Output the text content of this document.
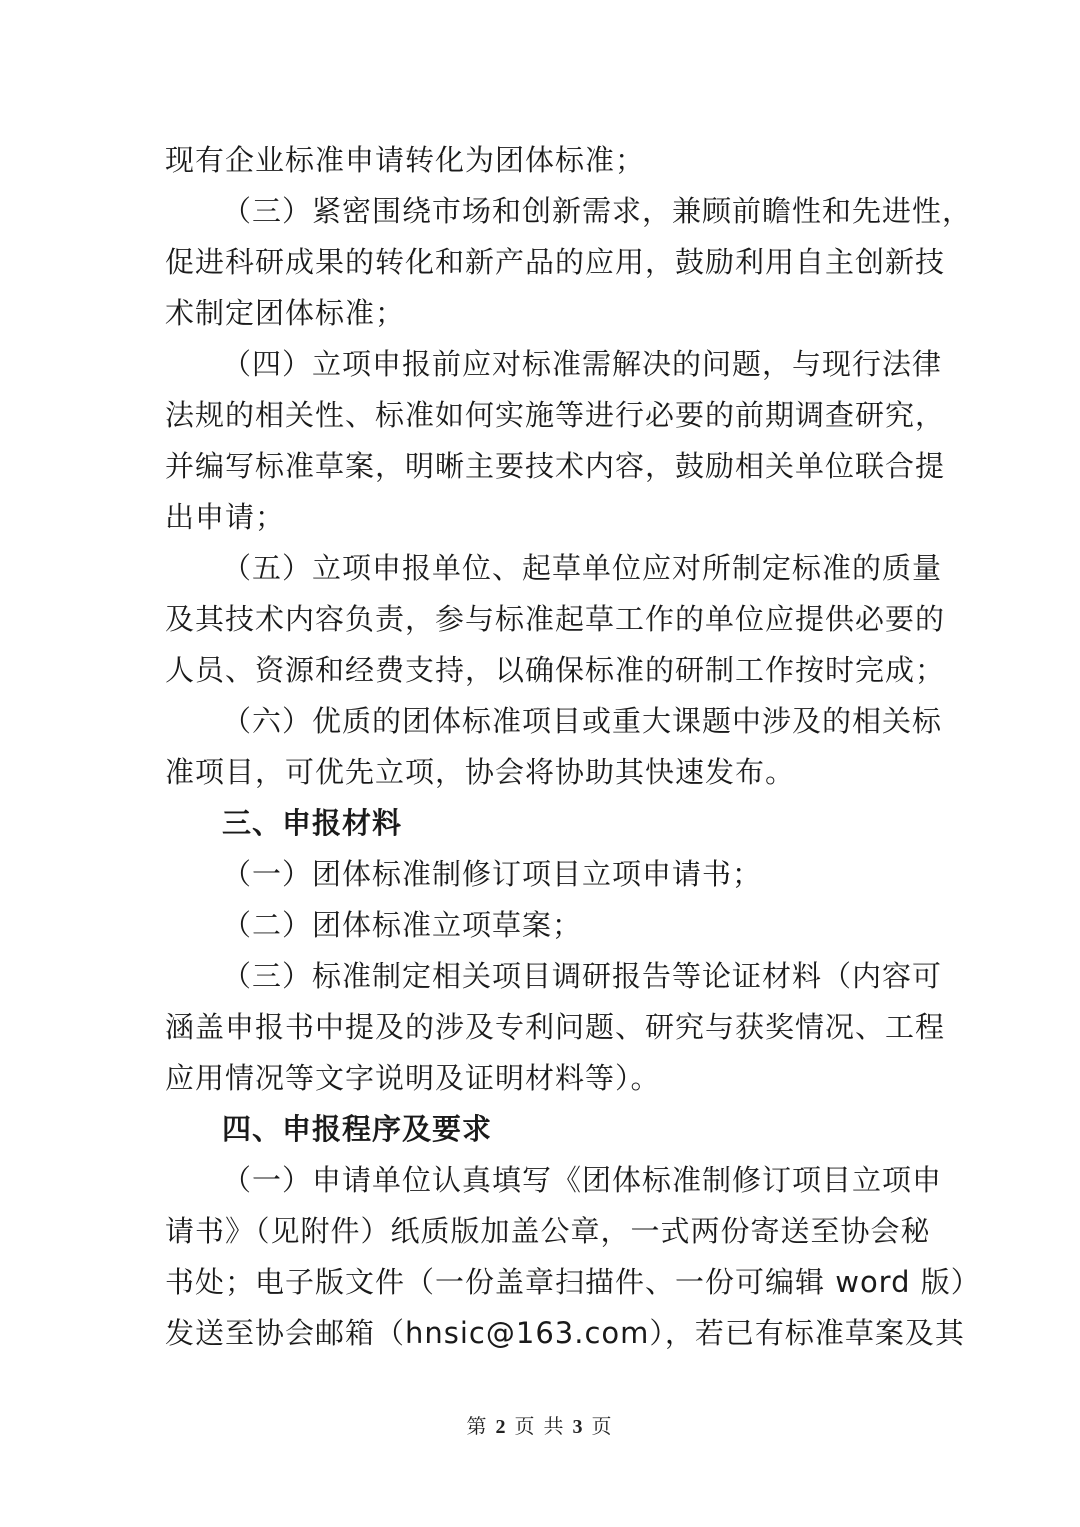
现有企业标准申请转化为团体标准；

（三）紧密围绕市场和创新需求，兼顾前瞻性和先进性，

促进科研成果的转化和新产品的应用，鼓励利用自主创新技

术制定团体标准；

（四）立项申报前应对标准需解决的问题，与现行法律

法规的相关性、标准如何实施等进行必要的前期调查研究，

并编写标准草案，明晰主要技术内容，鼓励相关单位联合提

出申请；

（五）立项申报单位、起草单位应对所制定标准的质量

及其技术内容负责，参与标准起草工作的单位应提供必要的

人员、资源和经费支持，以确保标准的研制工作按时完成；

（六）优质的团体标准项目或重大课题中涉及的相关标

准项目，可优先立项，协会将协助其快速发布。

三、申报材料

（一）团体标准制修订项目立项申请书；

（二）团体标准立项草案；

（三）标准制定相关项目调研报告等论证材料（内容可

涵盖申报书中提及的涉及专利问题、研究与获奖情况、工程

应用情况等文字说明及证明材料等）。

四、申报程序及要求

（一）申请单位认真填写《团体标准制修订项目立项申

请书》（见附件）纸质版加盖公章，一式两份寄送至协会秘

书处；电子版文件（一份盖章扫描件、一份可编辑 word 版）

发送至协会邮箱（hnsic@163.com），若已有标准草案及其

第 2 页 共 3 页
